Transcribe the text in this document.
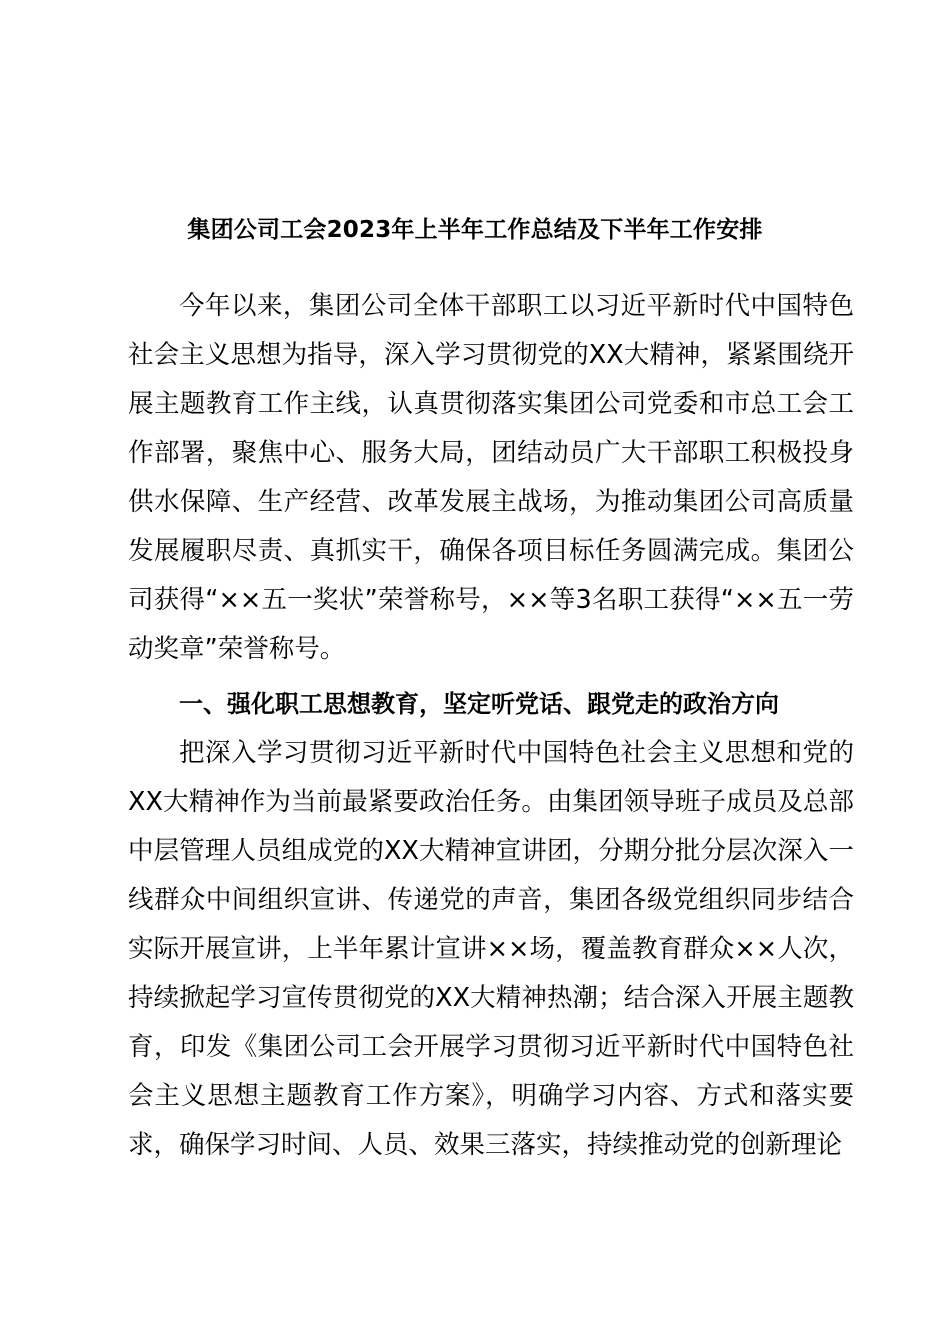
集团公司工会2023年上半年工作总结及下半年工作安排

今年以来，集团公司全体干部职工以习近平新时代中国特色社会主义思想为指导，深入学习贯彻党的XX大精神，紧紧围绕开展主题教育工作主线，认真贯彻落实集团公司党委和市总工会工作部署，聚焦中心、服务大局，团结动员广大干部职工积极投身供水保障、生产经营、改革发展主战场，为推动集团公司高质量发展履职尽责、真抓实干，确保各项目标任务圆满完成。集团公司获得“××五一奖状”荣誉称号，××等3名职工获得“××五一劳动奖章”荣誉称号。

一、强化职工思想教育，坚定听党话、跟党走的政治方向

把深入学习贯彻习近平新时代中国特色社会主义思想和党的XX大精神作为当前最紧要政治任务。由集团领导班子成员及总部中层管理人员组成党的XX大精神宣讲团，分期分批分层次深入一线群众中间组织宣讲、传递党的声音，集团各级党组织同步结合实际开展宣讲，上半年累计宣讲××场，覆盖教育群众××人次，持续掀起学习宣传贯彻党的XX大精神热潮；结合深入开展主题教育，印发《集团公司工会开展学习贯彻习近平新时代中国特色社会主义思想主题教育工作方案》，明确学习内容、方式和落实要求，确保学习时间、人员、效果三落实，持续推动党的创新理论
